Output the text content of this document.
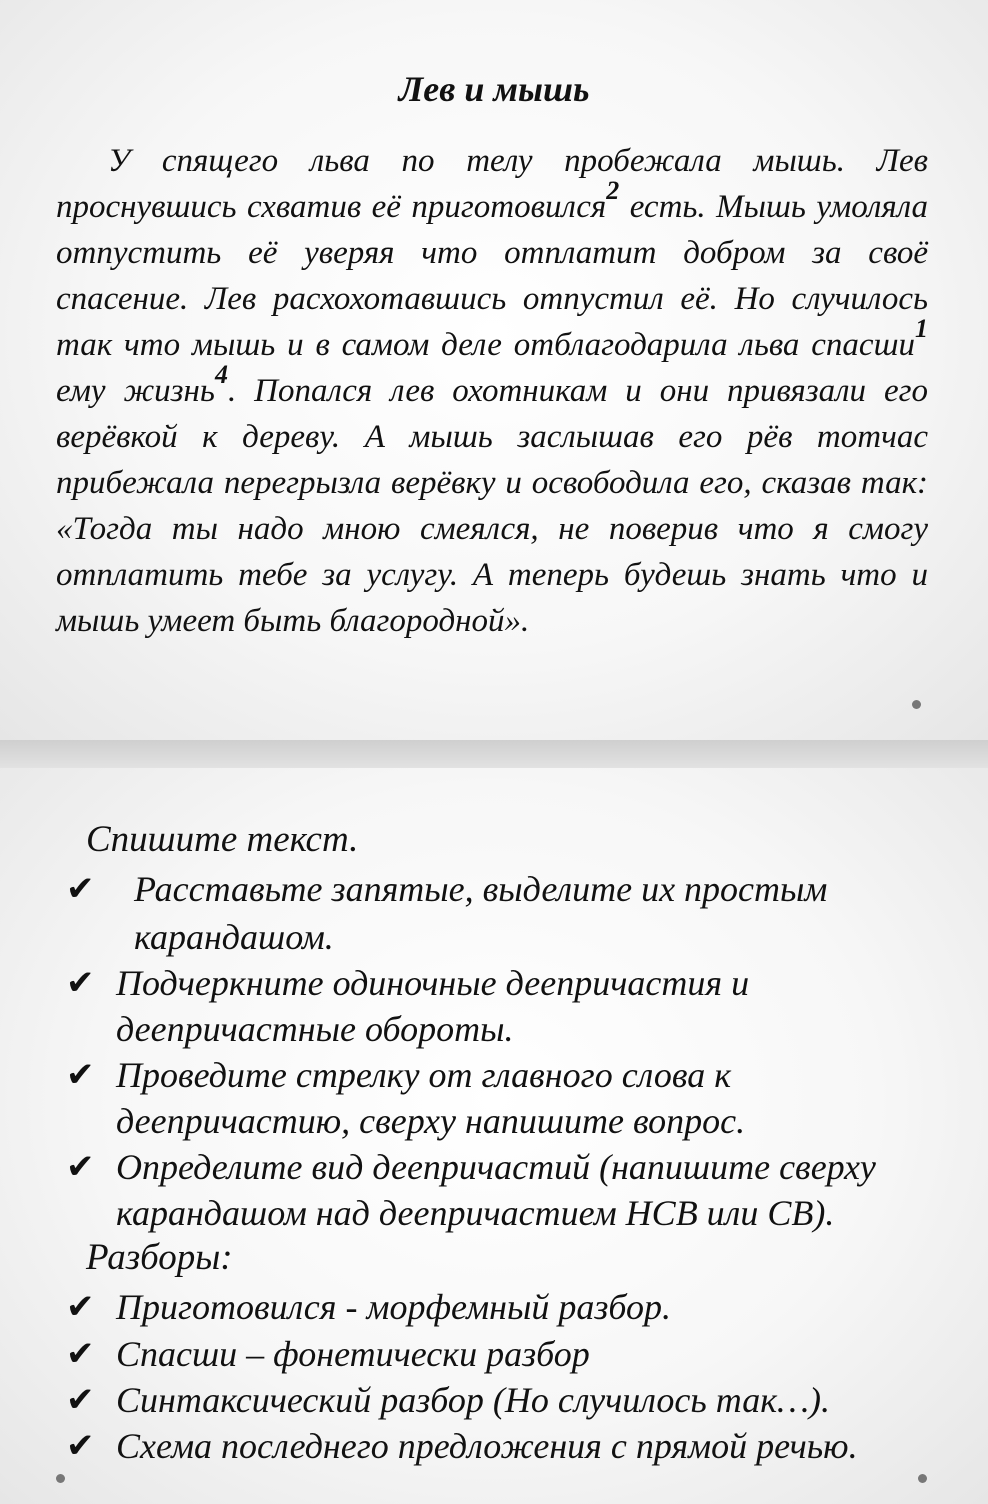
Лев и мышь
У спящего льва по телу пробежала мышь. Лев проснувшись схватив её приготовился$^2$ есть. Мышь умоляла отпустить её уверяя что отплатит добром за своё спасение. Лев расхохотавшись отпустил её. Но случилось так что мышь и в самом деле отблагодарила льва спасши$^1$ ему жизнь$^4$. Попался лев охотникам и они привязали его верёвкой к дереву. А мышь заслышав его рёв тотчас прибежала перегрызла верёвку и освободила его, сказав так: «Тогда ты надо мною смеялся, не поверив что я смогу отплатить тебе за услугу. А теперь будешь знать что и мышь умеет быть благородной».
Спишите текст.
✔ Расставьте запятые, выделите их простым
карандашом.
✔ Подчеркните одиночные деепричастия и
деепричастные обороты.
✔ Проведите стрелку от главного слова к
деепричастию, сверху напишите вопрос.
✔ Определите вид деепричастий (напишите сверху
карандашом над деепричастием НСВ или СВ).
✔ Приготовился - морфемный разбор.
✔ Спасши – фонетически разбор
✔ Синтаксический разбор (Но случилось так…).
✔ Схема последнего предложения с прямой речью.
Разборы:
